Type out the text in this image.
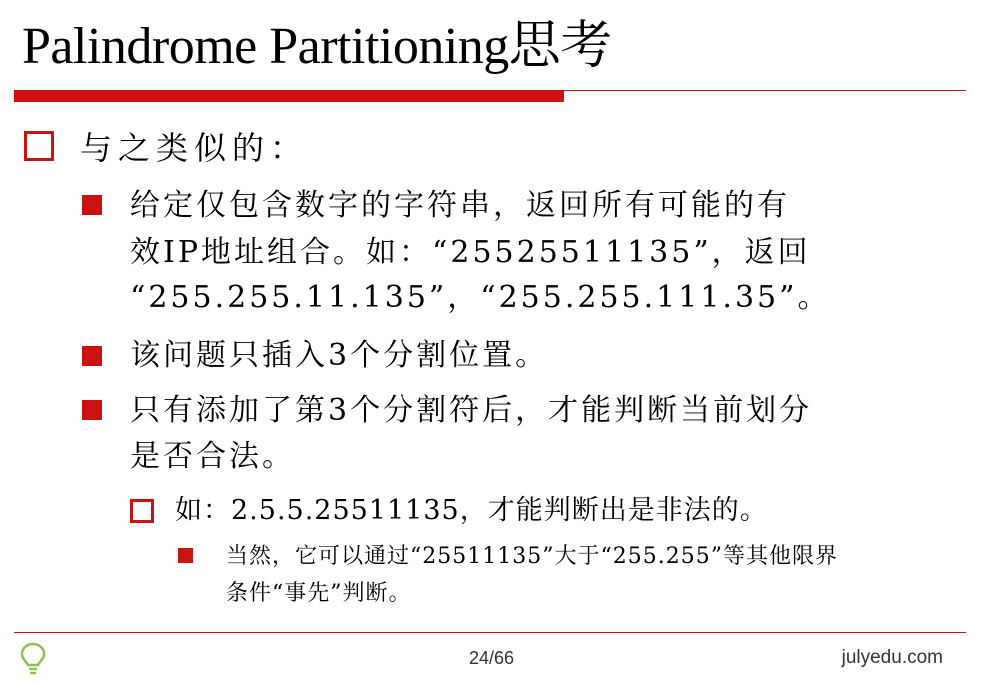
Palindrome Partitioning思考
与之类似的：
给定仅包含数字的字符串，返回所有可能的有
效IP地址组合。如：“25525511135”，返回
“255.255.11.135”，“255.255.111.35”。
该问题只插入3个分割位置。
只有添加了第3个分割符后，才能判断当前划分
是否合法。
如：2.5.5.25511135，才能判断出是非法的。
当然，它可以通过“25511135”大于“255.255”等其他限界
条件“事先”判断。
24/66	julyedu.com
